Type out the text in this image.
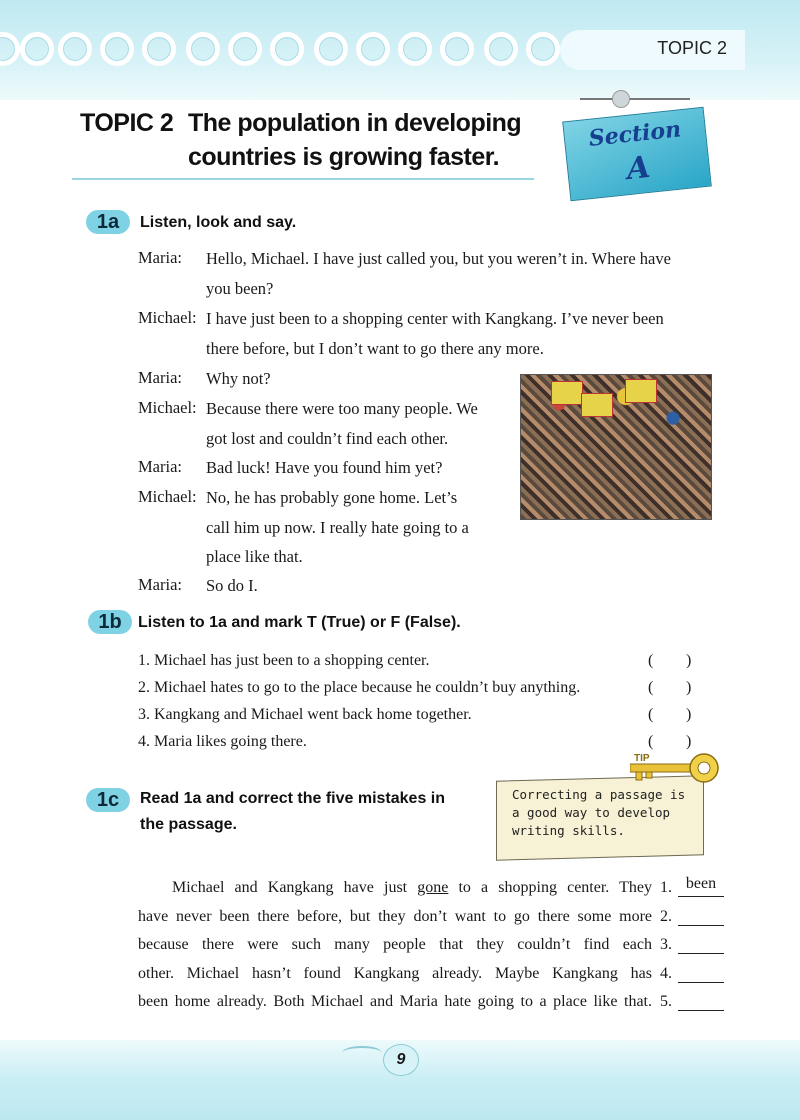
TOPIC 2
TOPIC 2 The population in developing countries is growing faster.
Section
A
1a	Listen, look and say.
Maria: Hello, Michael. I have just called you, but you weren’t in. Where have
you been?
Michael: I have just been to a shopping center with Kangkang. I’ve never been
there before, but I don’t want to go there any more.
Maria: Why not?
Michael: Because there were too many people. We
got lost and couldn’t find each other.
Maria: Bad luck! Have you found him yet?
Michael: No, he has probably gone home. Let’s
call him up now. I really hate going to a
place like that.
Maria: So do I.
1b	Listen to 1a and mark T (True) or F (False).
1. Michael has just been to a shopping center.	( )
2. Michael hates to go to the place because he couldn’t buy anything.	( )
3. Kangkang and Michael went back home together.	( )
4. Maria likes going there.	( )
1c	Read 1a and correct the five mistakes in
the passage.
TIP
Correcting a passage is a good way to develop writing skills.
Michael and Kangkang have just gone to a shopping center. They
have never been there before, but they don’t want to go there some more
because there were such many people that they couldn’t find each
other. Michael hasn’t found Kangkang already. Maybe Kangkang has
been home already. Both Michael and Maria hate going to a place like that.
1. been
2.
3.
4.
5.
9
